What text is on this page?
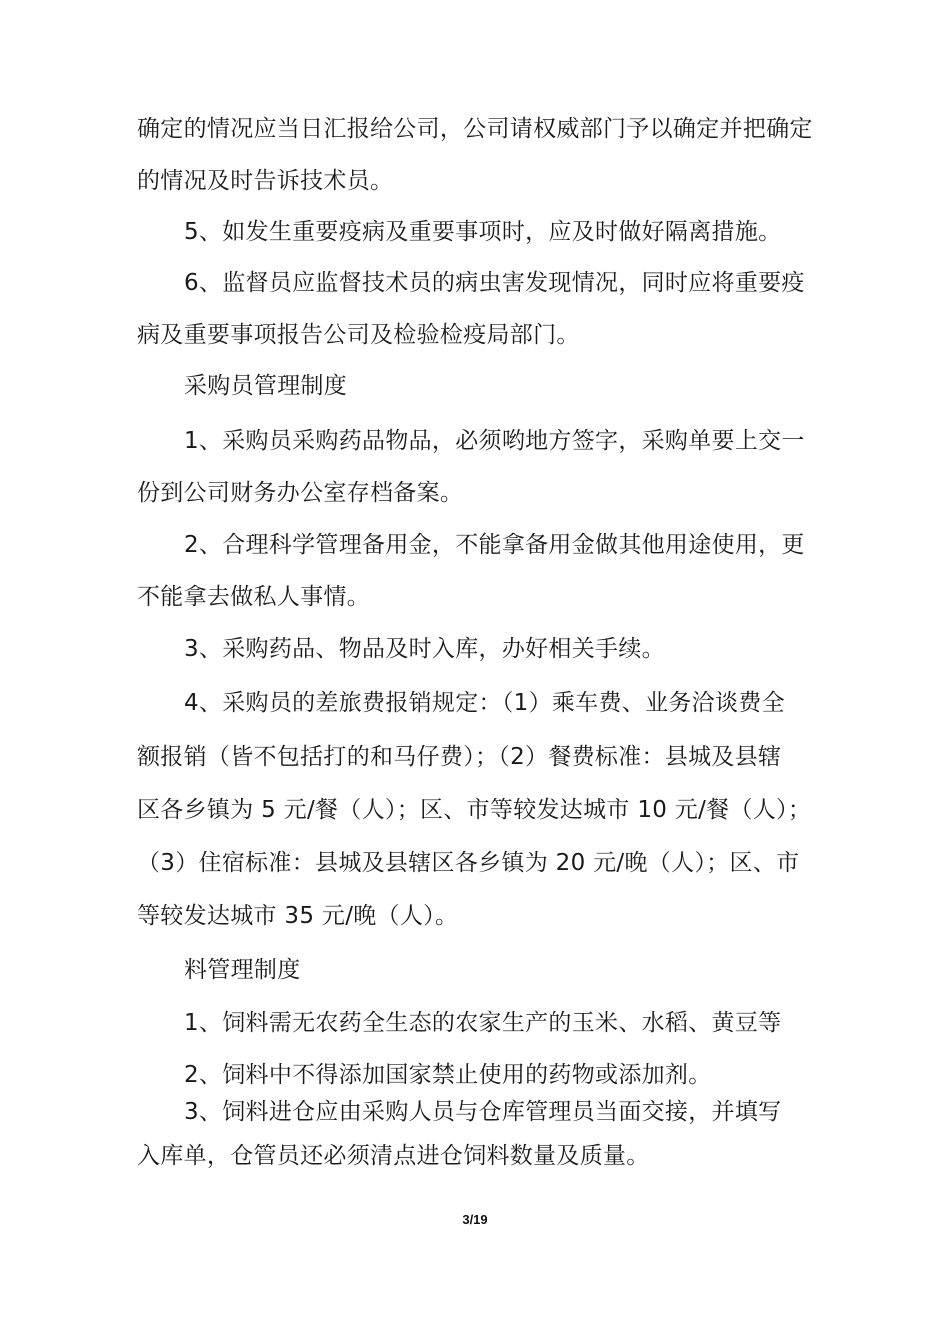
确定的情况应当日汇报给公司，公司请权威部门予以确定并把确定
的情况及时告诉技术员。
5、如发生重要疫病及重要事项时，应及时做好隔离措施。
6、监督员应监督技术员的病虫害发现情况，同时应将重要疫
病及重要事项报告公司及检验检疫局部门。
采购员管理制度
1、采购员采购药品物品，必须哟地方签字，采购单要上交一
份到公司财务办公室存档备案。
2、合理科学管理备用金，不能拿备用金做其他用途使用，更
不能拿去做私人事情。
3、采购药品、物品及时入库，办好相关手续。
4、采购员的差旅费报销规定：（1）乘车费、业务洽谈费全
额报销（皆不包括打的和马仔费）；（2）餐费标准：县城及县辖
区各乡镇为 5 元/餐（人）；区、市等较发达城市 10 元/餐（人）；
（3）住宿标准：县城及县辖区各乡镇为 20 元/晚（人）；区、市
等较发达城市 35 元/晚（人）。
料管理制度
1、饲料需无农药全生态的农家生产的玉米、水稻、黄豆等
2、饲料中不得添加国家禁止使用的药物或添加剂。
3、饲料进仓应由采购人员与仓库管理员当面交接，并填写
入库单，仓管员还必须清点进仓饲料数量及质量。
3/19
